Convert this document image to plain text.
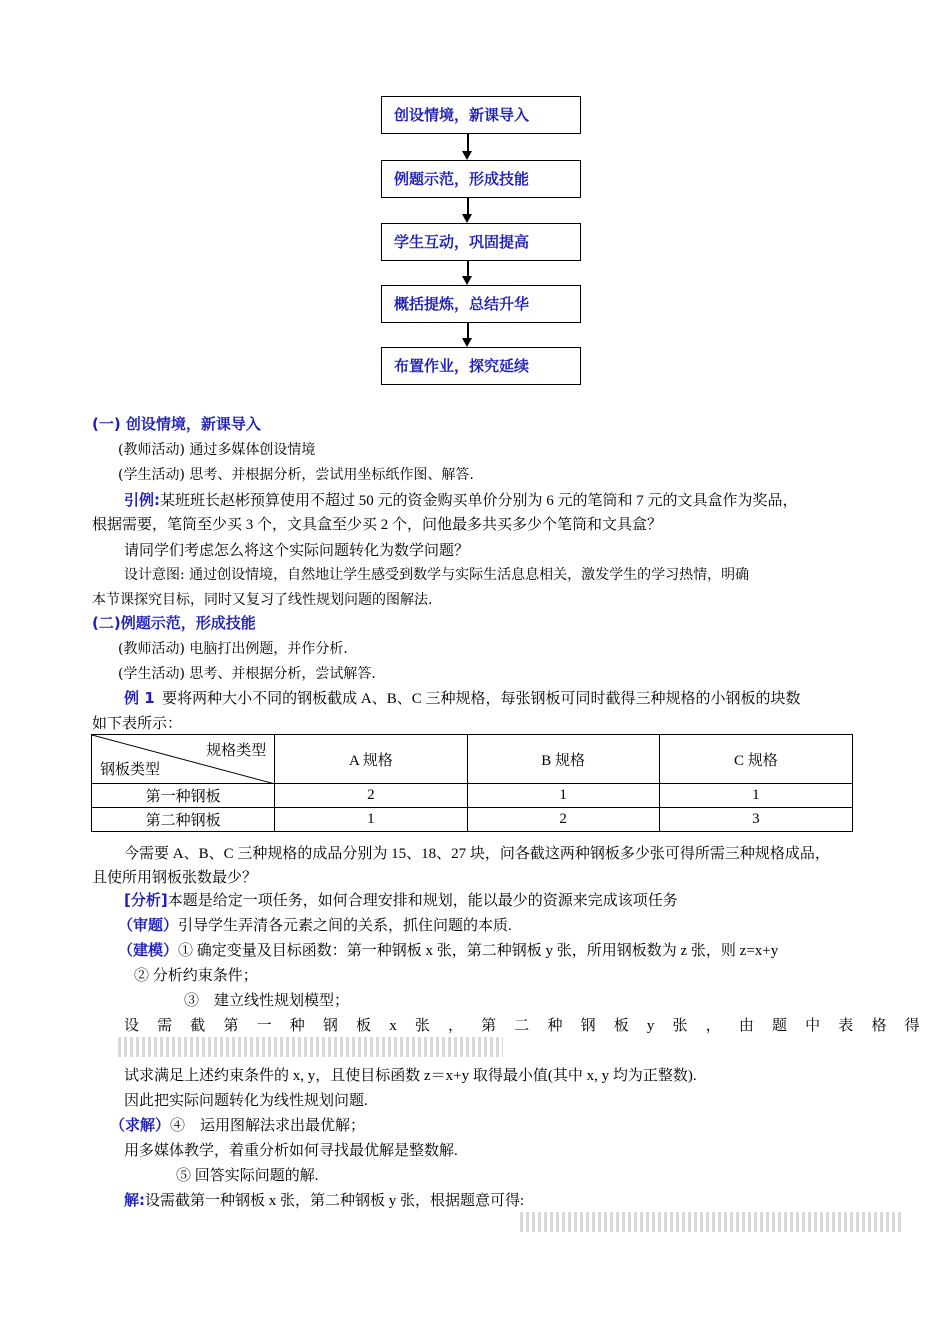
创设情境，新课导入
例题示范，形成技能
学生互动，巩固提高
概括提炼，总结升华
布置作业，探究延续
(一) 创设情境，新课导入
(教师活动) 通过多媒体创设情境
(学生活动) 思考、并根据分析，尝试用坐标纸作图、解答.
引例:某班班长赵彬预算使用不超过 50 元的资金购买单价分别为 6 元的笔筒和 7 元的文具盒作为奖品，
根据需要，笔筒至少买 3 个，文具盒至少买 2 个，问他最多共买多少个笔筒和文具盒？
请同学们考虑怎么将这个实际问题转化为数学问题？
设计意图: 通过创设情境，自然地让学生感受到数学与实际生活息息相关，激发学生的学习热情，明确
本节课探究目标，同时又复习了线性规划问题的图解法.
(二)例题示范，形成技能
(教师活动) 电脑打出例题，并作分析.
(学生活动) 思考、并根据分析，尝试解答.
例 1 要将两种大小不同的钢板截成 A、B、C 三种规格，每张钢板可同时截得三种规格的小钢板的块数
如下表所示：
规格类型
钢板类型	A 规格	B 规格	C 规格
第一种钢板	2	1	1
第二种钢板	1	2	3
今需要 A、B、C 三种规格的成品分别为 15、18、27 块，问各截这两种钢板多少张可得所需三种规格成品，
且使所用钢板张数最少？
[分析]本题是给定一项任务，如何合理安排和规划，能以最少的资源来完成该项任务
（审题）引导学生弄清各元素之间的关系，抓住问题的本质.
（建模）① 确定变量及目标函数：第一种钢板 x 张，第二种钢板 y 张，所用钢板数为 z 张，则 z=x+y
② 分析约束条件；
③　建立线性规划模型；
设 需 截 第 一 种 钢 板 x 张 ， 第 二 种 钢 板 y 张 ， 由 题 中 表 格 得
试求满足上述约束条件的 x, y，且使目标函数 z＝x+y 取得最小值(其中 x, y 均为正整数).
因此把实际问题转化为线性规划问题.
（求解）④　运用图解法求出最优解；
用多媒体教学，着重分析如何寻找最优解是整数解.
⑤ 回答实际问题的解.
解:设需截第一种钢板 x 张，第二种钢板 y 张，根据题意可得:
